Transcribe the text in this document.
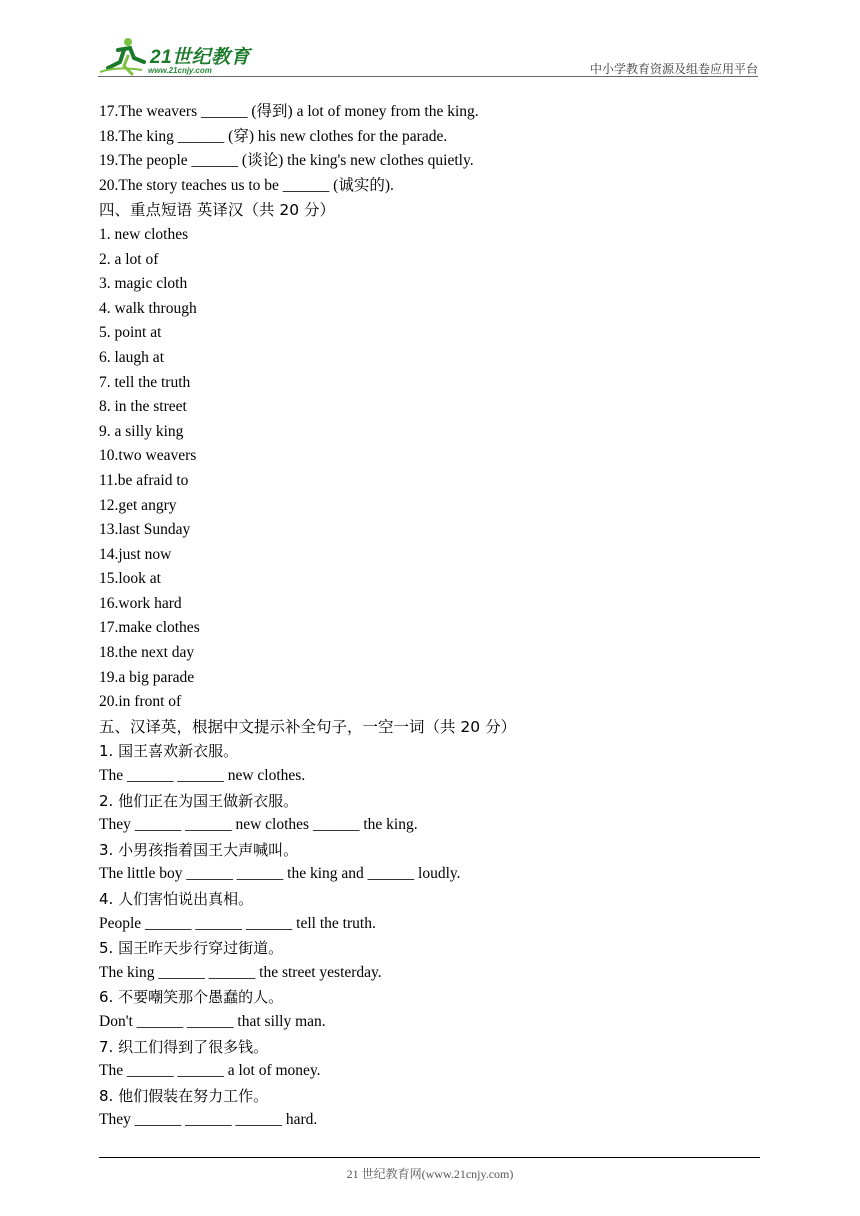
21世纪教育
www.21cnjy.com	中小学教育资源及组卷应用平台
17.The weavers ______ (得到) a lot of money from the king.
18.The king ______ (穿) his new clothes for the parade.
19.The people ______ (谈论) the king's new clothes quietly.
20.The story teaches us to be ______ (诚实的).
四、重点短语 英译汉（共 20 分）
1. new clothes
2. a lot of
3. magic cloth
4. walk through
5. point at
6. laugh at
7. tell the truth
8. in the street
9. a silly king
10.two weavers
11.be afraid to
12.get angry
13.last Sunday
14.just now
15.look at
16.work hard
17.make clothes
18.the next day
19.a big parade
20.in front of
五、汉译英，根据中文提示补全句子，一空一词（共 20 分）
1. 国王喜欢新衣服。
The ______ ______ new clothes.
2. 他们正在为国王做新衣服。
They ______ ______ new clothes ______ the king.
3. 小男孩指着国王大声喊叫。
The little boy ______ ______ the king and ______ loudly.
4. 人们害怕说出真相。
People ______ ______ ______ tell the truth.
5. 国王昨天步行穿过街道。
The king ______ ______ the street yesterday.
6. 不要嘲笑那个愚蠢的人。
Don't ______ ______ that silly man.
7. 织工们得到了很多钱。
The ______ ______ a lot of money.
8. 他们假装在努力工作。
They ______ ______ ______ hard.
21 世纪教育网(www.21cnjy.com)
